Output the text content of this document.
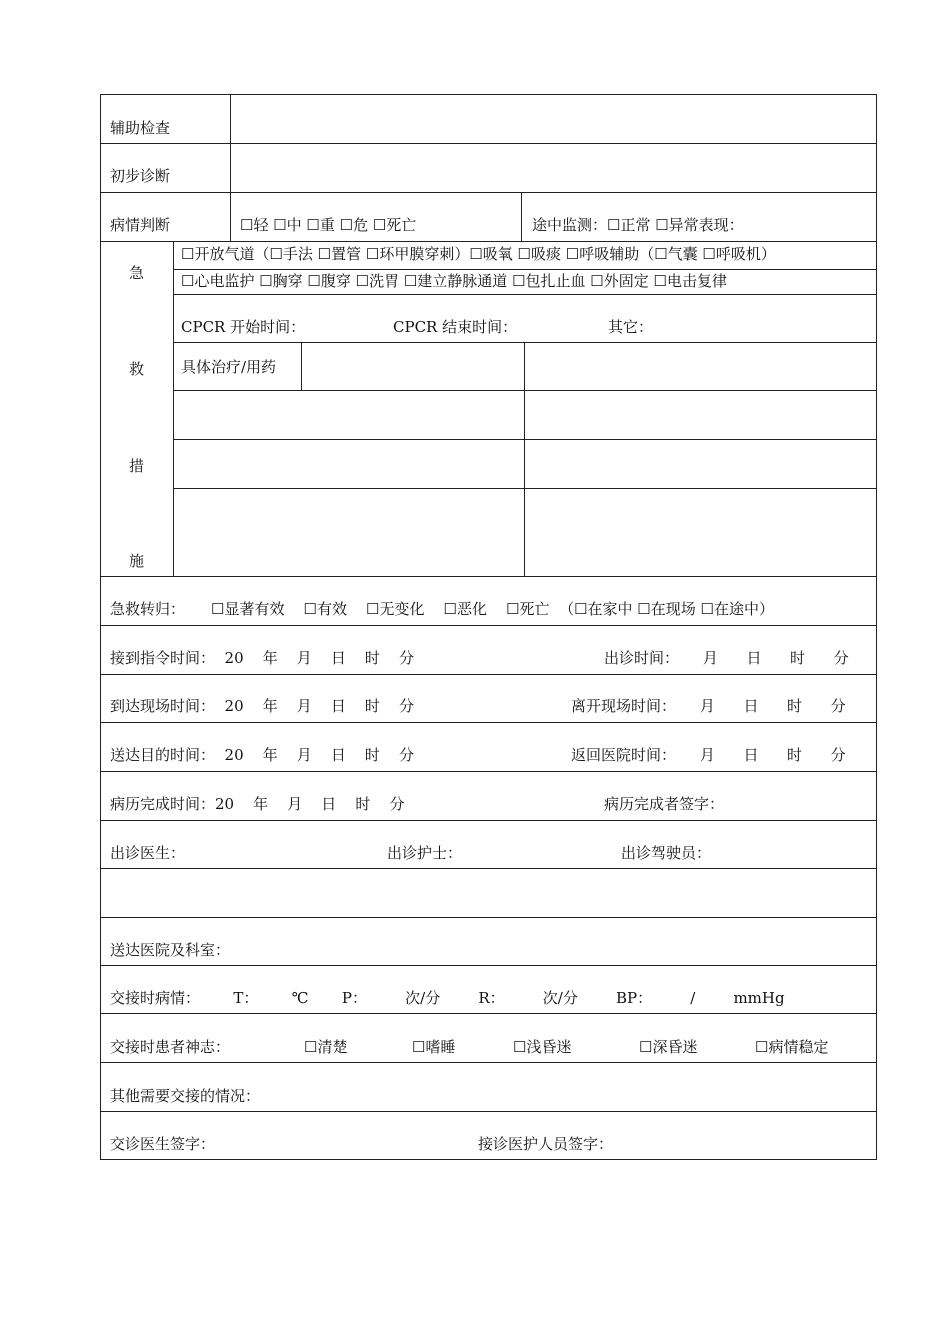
辅助检查
初步诊断
病情判断	☐轻 ☐中 ☐重 ☐危 ☐死亡	途中监测：☐正常 ☐异常表现：
急
救
措
施
☐开放气道（☐手法 ☐置管 ☐环甲膜穿刺）☐吸氧 ☐吸痰 ☐呼吸辅助（☐气囊 ☐呼吸机）
☐心电监护 ☐胸穿 ☐腹穿 ☐洗胃 ☐建立静脉通道 ☐包扎止血 ☐外固定 ☐电击复律
CPCR 开始时间：	CPCR 结束时间：	其它：
具体治疗/用药
急救转归： ☐显著有效    ☐有效    ☐无变化    ☐恶化    ☐死亡  （☐在家中 ☐在现场 ☐在途中）
接到指令时间：  20    年    月    日    时    分	出诊时间：     月      日      时      分
到达现场时间：  20    年    月    日    时    分	离开现场时间：     月      日      时      分
送达目的时间：  20    年    月    日    时    分	返回医院时间：     月      日      时      分
病历完成时间：20    年    月    日    时    分	病历完成者签字：
出诊医生：	出诊护士：	出诊驾驶员：
送达医院及科室：
交接时病情：       T：       ℃       P：        次/分        R：        次/分        BP：        /        mmHg
交接时患者神志：	☐清楚	☐嗜睡	☐浅昏迷	☐深昏迷	☐病情稳定
其他需要交接的情况：
交诊医生签字：	接诊医护人员签字：
